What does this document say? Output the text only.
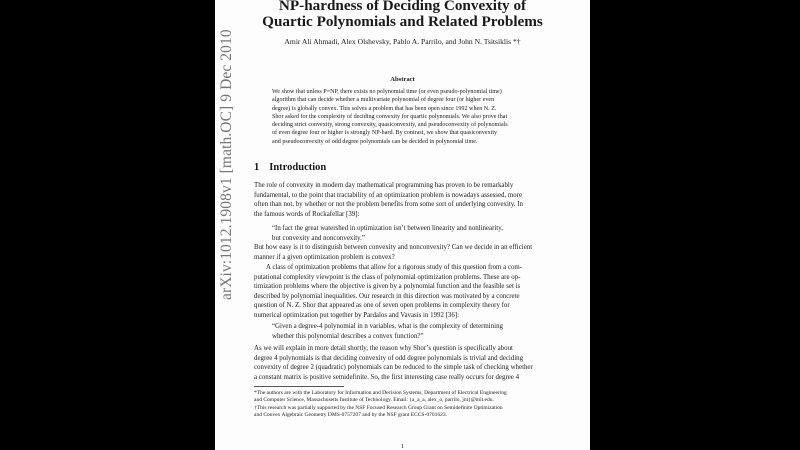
NP-hardness of Deciding Convexity of
Quartic Polynomials and Related Problems
Amir Ali Ahmadi, Alex Olshevsky, Pablo A. Parrilo, and John N. Tsitsiklis *†
Abstract
We show that unless P=NP, there exists no polynomial time (or even pseudo-polynomial time)
algorithm that can decide whether a multivariate polynomial of degree four (or higher even
degree) is globally convex. This solves a problem that has been open since 1992 when N. Z.
Shor asked for the complexity of deciding convexity for quartic polynomials. We also prove that
deciding strict convexity, strong convexity, quasiconvexity, and pseudoconvexity of polynomials
of even degree four or higher is strongly NP-hard. By contrast, we show that quasiconvexity
and pseudoconvexity of odd degree polynomials can be decided in polynomial time.
1 Introduction
The role of convexity in modern day mathematical programming has proven to be remarkably
fundamental, to the point that tractability of an optimization problem is nowadays assessed, more
often than not, by whether or not the problem benefits from some sort of underlying convexity. In
the famous words of Rockafellar [39]:
“In fact the great watershed in optimization isn’t between linearity and nonlinearity,
but convexity and nonconvexity.”
But how easy is it to distinguish between convexity and nonconvexity? Can we decide in an efficient
manner if a given optimization problem is convex?
A class of optimization problems that allow for a rigorous study of this question from a com-
putational complexity viewpoint is the class of polynomial optimization problems. These are op-
timization problems where the objective is given by a polynomial function and the feasible set is
described by polynomial inequalities. Our research in this direction was motivated by a concrete
question of N. Z. Shor that appeared as one of seven open problems in complexity theory for
numerical optimization put together by Pardalos and Vavasis in 1992 [36]:
“Given a degree-4 polynomial in n variables, what is the complexity of determining
whether this polynomial describes a convex function?”
As we will explain in more detail shortly, the reason why Shor’s question is specifically about
degree 4 polynomials is that deciding convexity of odd degree polynomials is trivial and deciding
convexity of degree 2 (quadratic) polynomials can be reduced to the simple task of checking whether
a constant matrix is positive semidefinite. So, the first interesting case really occurs for degree 4
*The authors are with the Laboratory for Information and Decision Systems, Department of Electrical Engineering
and Computer Science, Massachusetts Institute of Technology. Email: {a_a_a, alex_o, parrilo, jnt}@mit.edu.
†This research was partially supported by the NSF Focused Research Group Grant on Semidefinite Optimization
and Convex Algebraic Geometry DMS-0757207 and by the NSF grant ECCS-0701623.
1
arXiv:1012.1908v1 [math.OC] 9 Dec 2010
